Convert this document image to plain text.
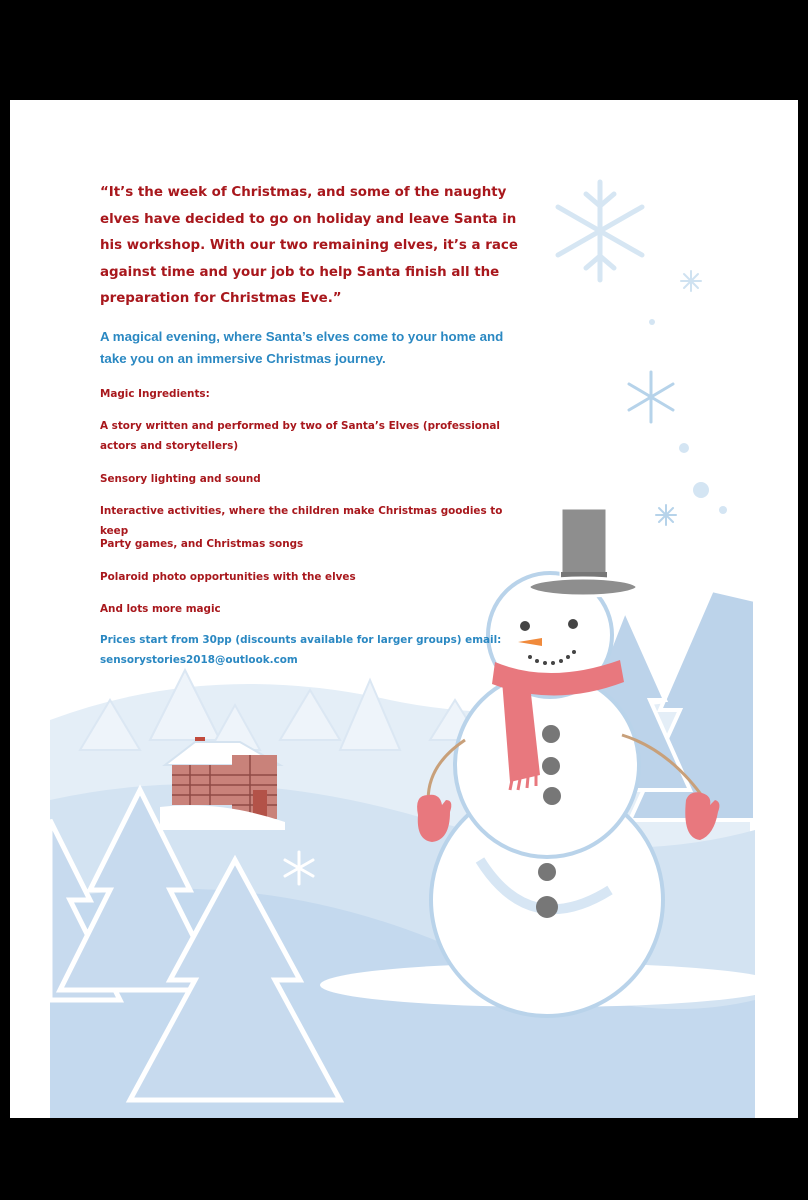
“It’s the week of Christmas, and some of the naughty elves have decided to go on holiday and leave Santa in his workshop. With our two remaining elves, it’s a race against time and your job to help Santa finish all the preparation for Christmas Eve.”

A magical evening, where Santa’s elves come to your home and take you on an immersive Christmas journey.

Magic Ingredients:

A story written and performed by two of Santa’s Elves (professional actors and storytellers)

Sensory lighting and sound

Interactive activities, where the children make Christmas goodies to keep

Party games, and Christmas songs

Polaroid photo opportunities with the elves

And lots more magic

Prices start from 30pp (discounts available for larger groups) email: sensorystories2018@outlook.com
